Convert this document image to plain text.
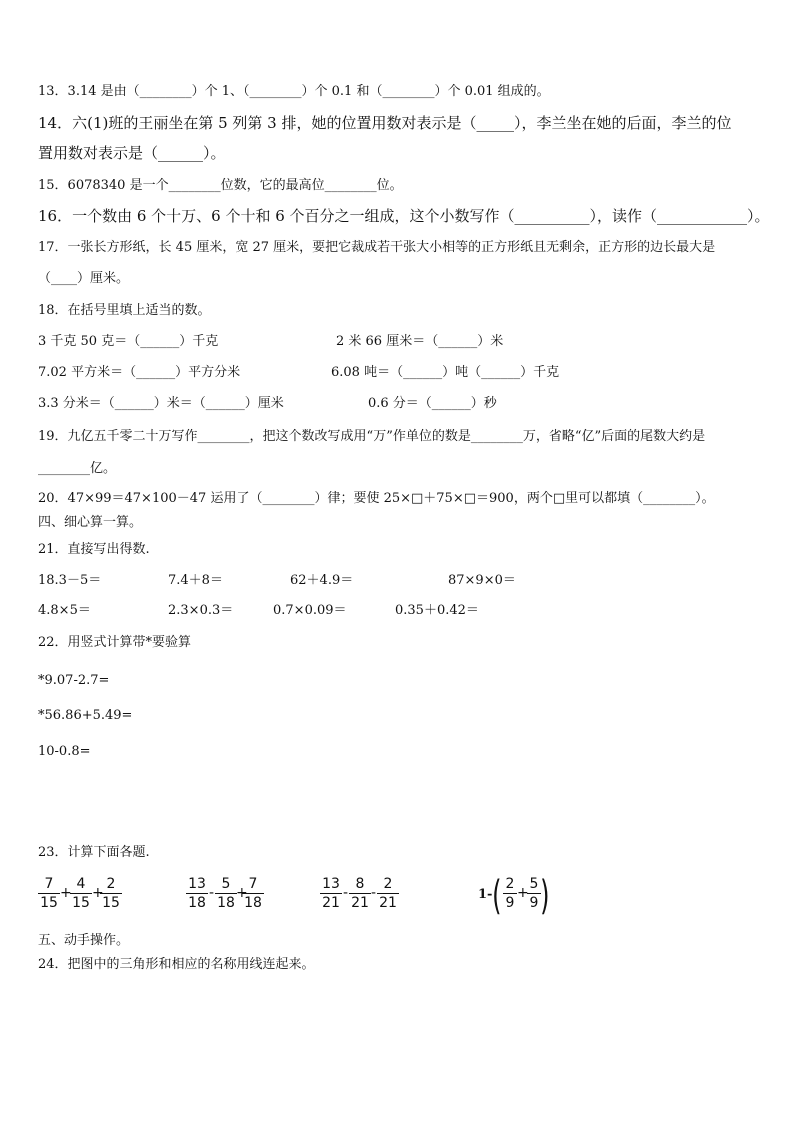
13．3.14 是由（________）个 1、（________）个 0.1 和（________）个 0.01 组成的。
14．六(1)班的王丽坐在第 5 列第 3 排，她的位置用数对表示是（_____），李兰坐在她的后面，李兰的位
置用数对表示是（______）。
15．6078340 是一个________位数，它的最高位________位。
16．一个数由 6 个十万、6 个十和 6 个百分之一组成，这个小数写作（__________），读作（____________）。
17．一张长方形纸，长 45 厘米，宽 27 厘米，要把它裁成若干张大小相等的正方形纸且无剩余，正方形的边长最大是
（____）厘米。
18．在括号里填上适当的数。
3 千克 50 克＝（______）千克	2 米 66 厘米＝（______）米
7.02 平方米＝（______）平方分米	6.08 吨＝（______）吨（______）千克
3.3 分米＝（______）米＝（______）厘米	0.6 分＝（______）秒
19．九亿五千零二十万写作________，把这个数改写成用“万”作单位的数是________万，省略“亿”后面的尾数大约是
________亿。
20．47×99＝47×100－47 运用了（________）律；要使 25×□＋75×□＝900，两个□里可以都填（________）。
四、细心算一算。
21．直接写出得数.
18.3－5＝	7.4＋8＝	62＋4.9＝	87×9×0＝
4.8×5＝	2.3×0.3＝	0.7×0.09＝	0.35＋0.42＝
22．用竖式计算带*要验算
*9.07-2.7=
*56.86+5.49=
10-0.8=
23．计算下面各题.
7
15
+
4
15
+
2
15
13
18
-
5
18
+
7
18
13
21
-
8
21
-
2
21
1- ( 2
9
+
5
9 )
五、动手操作。
24．把图中的三角形和相应的名称用线连起来。
